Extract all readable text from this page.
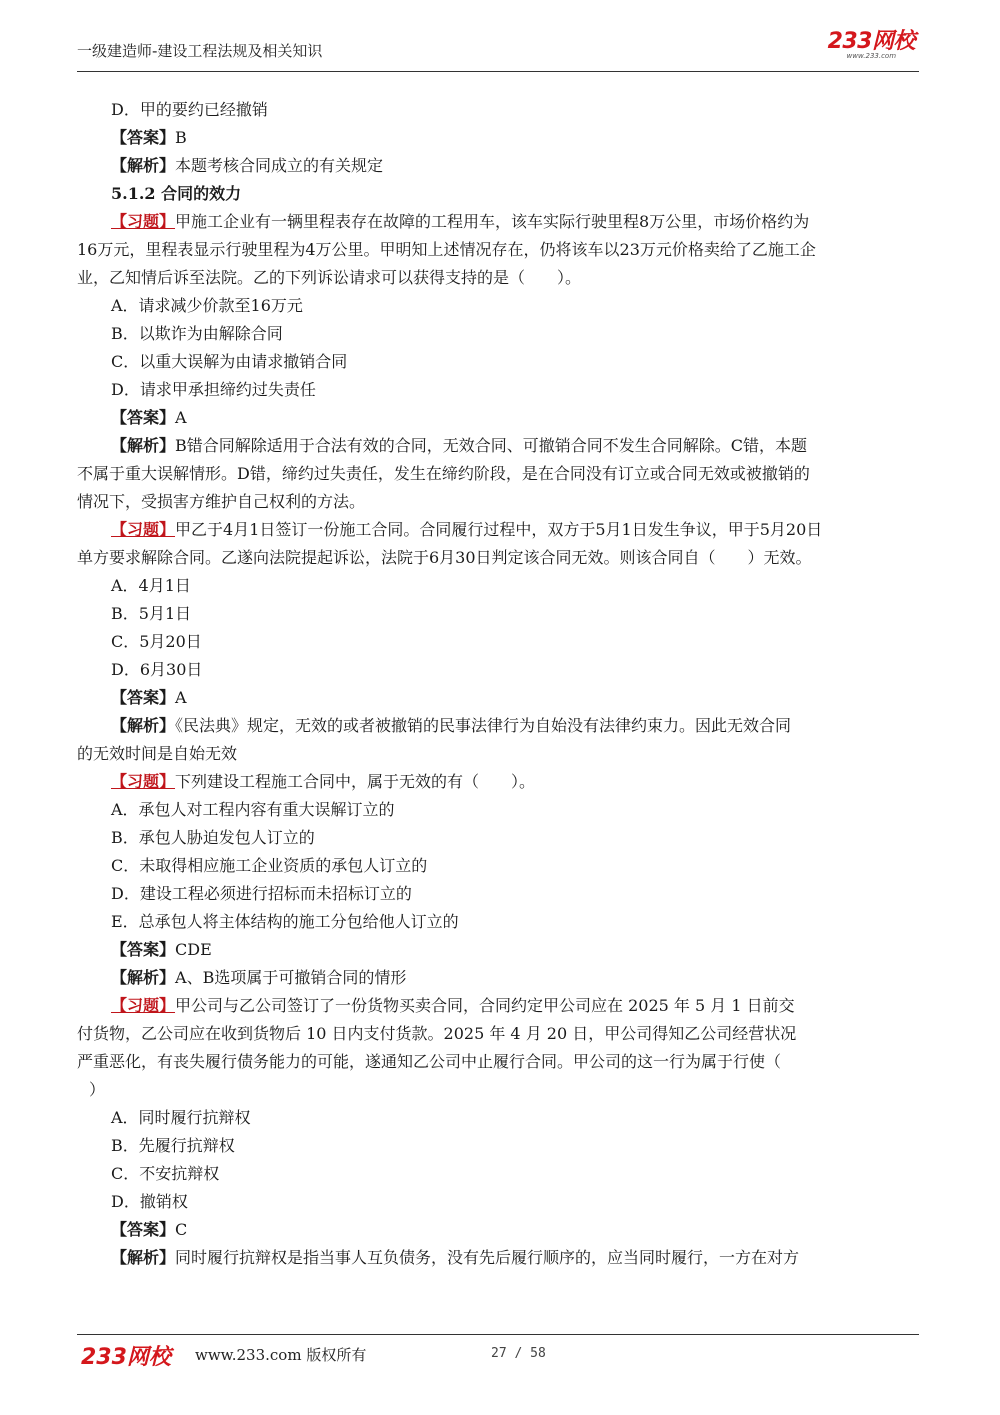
一级建造师-建设工程法规及相关知识	233网校
www.233.com
D．甲的要约已经撤销
【答案】B
【解析】本题考核合同成立的有关规定
5.1.2 合同的效力
【习题】甲施工企业有一辆里程表存在故障的工程用车，该车实际行驶里程8万公里，市场价格约为
16万元，里程表显示行驶里程为4万公里。甲明知上述情况存在，仍将该车以23万元价格卖给了乙施工企
业，乙知情后诉至法院。乙的下列诉讼请求可以获得支持的是（　　）。
A．请求减少价款至16万元
B．以欺诈为由解除合同
C．以重大误解为由请求撤销合同
D．请求甲承担缔约过失责任
【答案】A
【解析】B错合同解除适用于合法有效的合同，无效合同、可撤销合同不发生合同解除。C错，本题
不属于重大误解情形。D错，缔约过失责任，发生在缔约阶段，是在合同没有订立或合同无效或被撤销的
情况下，受损害方维护自己权利的方法。
【习题】甲乙于4月1日签订一份施工合同。合同履行过程中，双方于5月1日发生争议，甲于5月20日
单方要求解除合同。乙遂向法院提起诉讼，法院于6月30日判定该合同无效。则该合同自（　　）无效。
A．4月1日
B．5月1日
C．5月20日
D．6月30日
【答案】A
【解析】《民法典》规定，无效的或者被撤销的民事法律行为自始没有法律约束力。因此无效合同
的无效时间是自始无效
【习题】下列建设工程施工合同中，属于无效的有（　　）。
A．承包人对工程内容有重大误解订立的
B．承包人胁迫发包人订立的
C．未取得相应施工企业资质的承包人订立的
D．建设工程必须进行招标而未招标订立的
E．总承包人将主体结构的施工分包给他人订立的
【答案】CDE
【解析】A、B选项属于可撤销合同的情形
【习题】甲公司与乙公司签订了一份货物买卖合同，合同约定甲公司应在 2025 年 5 月 1 日前交
付货物，乙公司应在收到货物后 10 日内支付货款。2025 年 4 月 20 日，甲公司得知乙公司经营状况
严重恶化，有丧失履行债务能力的可能，遂通知乙公司中止履行合同。甲公司的这一行为属于行使（
）
A．同时履行抗辩权
B．先履行抗辩权
C．不安抗辩权
D．撤销权
【答案】C
【解析】同时履行抗辩权是指当事人互负债务，没有先后履行顺序的，应当同时履行，一方在对方
233网校 www.233.com 版权所有	27 / 58
